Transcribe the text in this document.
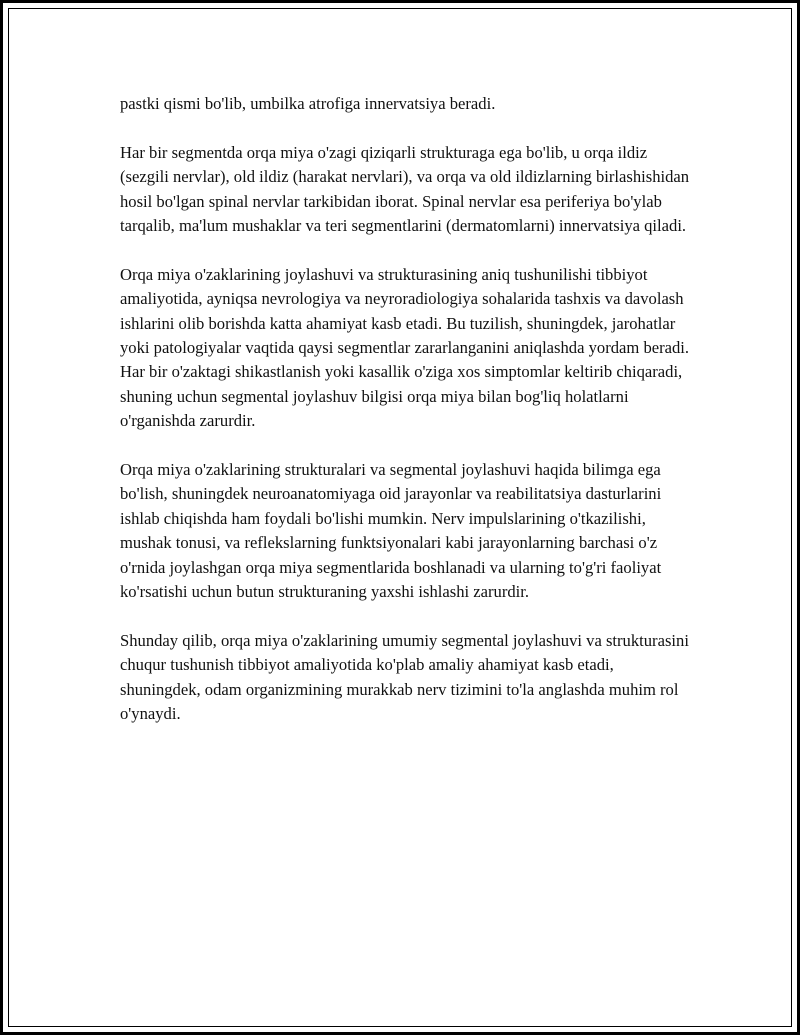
pastki qismi bo'lib, umbilka atrofiga innervatsiya beradi.

Har bir segmentda orqa miya o'zagi qiziqarli strukturaga ega bo'lib, u orqa ildiz (sezgili nervlar), old ildiz (harakat nervlari), va orqa va old ildizlarning birlashishidan hosil bo'lgan spinal nervlar tarkibidan iborat. Spinal nervlar esa periferiya bo'ylab tarqalib, ma'lum mushaklar va teri segmentlarini (dermatomlarni) innervatsiya qiladi.

Orqa miya o'zaklarining joylashuvi va strukturasining aniq tushunilishi tibbiyot amaliyotida, ayniqsa nevrologiya va neyroradiologiya sohalarida tashxis va davolash ishlarini olib borishda katta ahamiyat kasb etadi. Bu tuzilish, shuningdek, jarohatlar yoki patologiyalar vaqtida qaysi segmentlar zararlanganini aniqlashda yordam beradi. Har bir o'zaktagi shikastlanish yoki kasallik o'ziga xos simptomlar keltirib chiqaradi, shuning uchun segmental joylashuv bilgisi orqa miya bilan bog'liq holatlarni o'rganishda zarurdir.

Orqa miya o'zaklarining strukturalari va segmental joylashuvi haqida bilimga ega bo'lish, shuningdek neuroanatomiyaga oid jarayonlar va reabilitatsiya dasturlarini ishlab chiqishda ham foydali bo'lishi mumkin. Nerv impulslarining o'tkazilishi, mushak tonusi, va reflekslarning funktsiyonalari kabi jarayonlarning barchasi o'z o'rnida joylashgan orqa miya segmentlarida boshlanadi va ularning to'g'ri faoliyat ko'rsatishi uchun butun strukturaning yaxshi ishlashi zarurdir.

Shunday qilib, orqa miya o'zaklarining umumiy segmental joylashuvi va strukturasini chuqur tushunish tibbiyot amaliyotida ko'plab amaliy ahamiyat kasb etadi, shuningdek, odam organizmining murakkab nerv tizimini to'la anglashda muhim rol o'ynaydi.
